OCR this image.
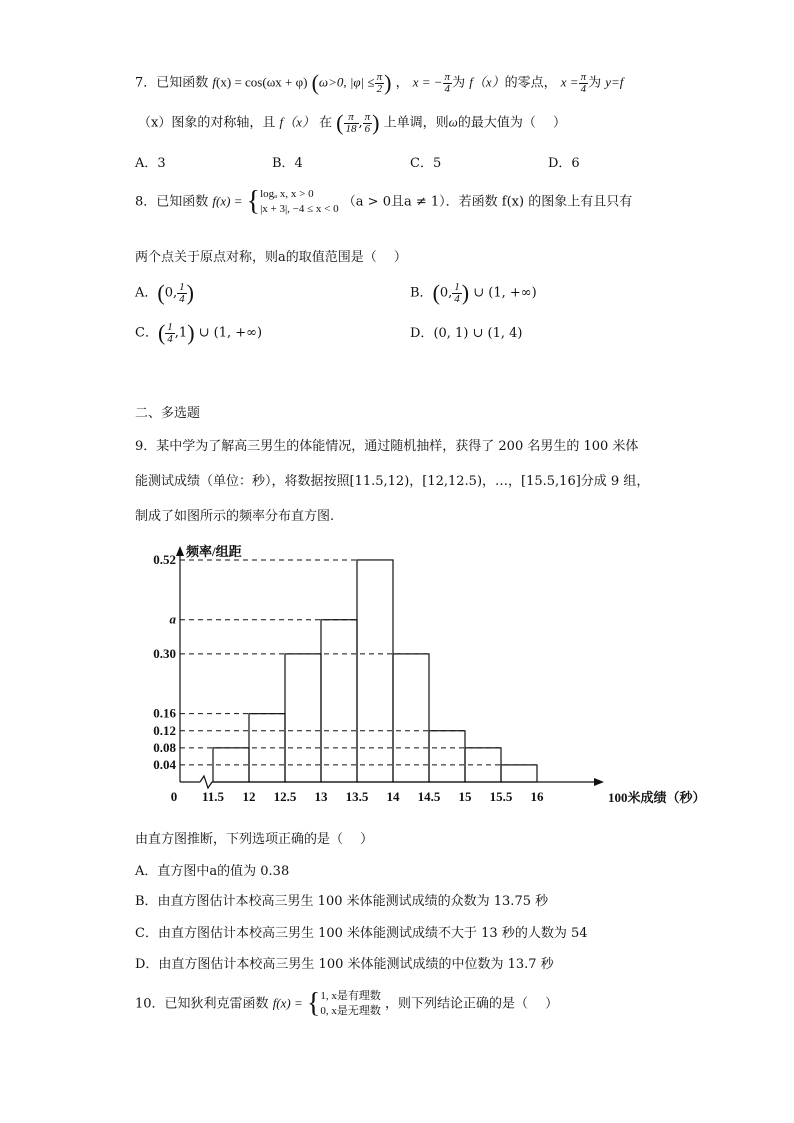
7．已知函数 f(x) = cos(ωx + φ) (ω>0, $|\varphi| \le \frac{\pi}{2}$ ) ， x = − $\frac{\pi}{4}$ 为 f（x）的零点， $x = \frac{\pi}{4}$ 为 y=f
（x）图象的对称轴，且 f（x） 在 ( $\frac{\pi}{18}$ , $\frac{\pi}{6}$ ) 上单调，则ω的最大值为（　 ）
A．3	B．4	C．5	D．6
8．已知函数 f(x) = { logₐ x, x > 0
|x + 3|, −4 ≤ x < 0 （a > 0且a ≠ 1）．若函数 f(x) 的图象上有且只有
两个点关于原点对称，则a的取值范围是（　 ）
A．(0, $\frac{1}{4}$ )	B．(0, $\frac{1}{4}$ ) ∪ (1, +∞)
C．( $\frac{1}{4} ,1$) ∪ (1, +∞)	D．(0, 1) ∪ (1, 4)
二、多选题
9．某中学为了解高三男生的体能情况，通过随机抽样，获得了 200 名男生的 100 米体
能测试成绩（单位：秒），将数据按照[11.5,12)，[12,12.5)，…，[15.5,16]分成 9 组，
制成了如图所示的频率分布直方图.
0.04
0.08
0.12
0.16
0.30
a
0.52
11.5 12 12.5 13 13.5 14 14.5 15 15.5 16
0
频率/组距
100米成绩（秒）
由直方图推断，下列选项正确的是（　 ）
A．直方图中a的值为 0.38
B．由直方图估计本校高三男生 100 米体能测试成绩的众数为 13.75 秒
C．由直方图估计本校高三男生 100 米体能测试成绩不大于 13 秒的人数为 54
D．由直方图估计本校高三男生 100 米体能测试成绩的中位数为 13.7 秒
10．已知狄利克雷函数 f(x) = { 1, x是有理数
0, x是无理数 ，则下列结论正确的是（　 ）
